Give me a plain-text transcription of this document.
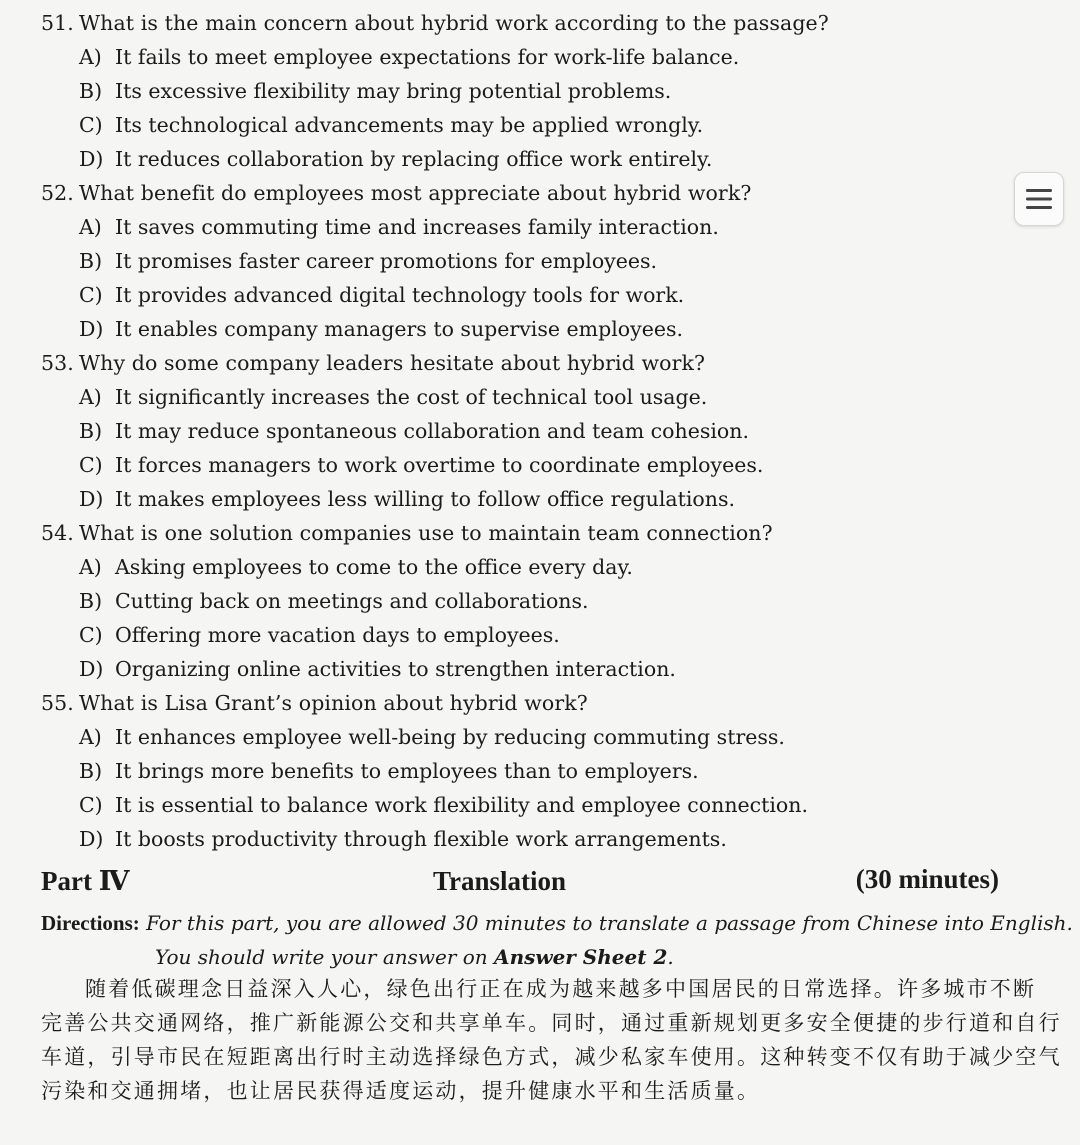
51. What is the main concern about hybrid work according to the passage?
A) It fails to meet employee expectations for work-life balance.
B) Its excessive flexibility may bring potential problems.
C) Its technological advancements may be applied wrongly.
D) It reduces collaboration by replacing office work entirely.
52. What benefit do employees most appreciate about hybrid work?
A) It saves commuting time and increases family interaction.
B) It promises faster career promotions for employees.
C) It provides advanced digital technology tools for work.
D) It enables company managers to supervise employees.
53. Why do some company leaders hesitate about hybrid work?
A) It significantly increases the cost of technical tool usage.
B) It may reduce spontaneous collaboration and team cohesion.
C) It forces managers to work overtime to coordinate employees.
D) It makes employees less willing to follow office regulations.
54. What is one solution companies use to maintain team connection?
A) Asking employees to come to the office every day.
B) Cutting back on meetings and collaborations.
C) Offering more vacation days to employees.
D) Organizing online activities to strengthen interaction.
55. What is Lisa Grant’s opinion about hybrid work?
A) It enhances employee well-being by reducing commuting stress.
B) It brings more benefits to employees than to employers.
C) It is essential to balance work flexibility and employee connection.
D) It boosts productivity through flexible work arrangements.
Part Ⅳ	Translation	(30 minutes)
Directions: For this part, you are allowed 30 minutes to translate a passage from Chinese into English.
You should write your answer on Answer Sheet 2.
随着低碳理念日益深入人心，绿色出行正在成为越来越多中国居民的日常选择。许多城市不断
完善公共交通网络，推广新能源公交和共享单车。同时，通过重新规划更多安全便捷的步行道和自行
车道，引导市民在短距离出行时主动选择绿色方式，减少私家车使用。这种转变不仅有助于减少空气
污染和交通拥堵，也让居民获得适度运动，提升健康水平和生活质量。
